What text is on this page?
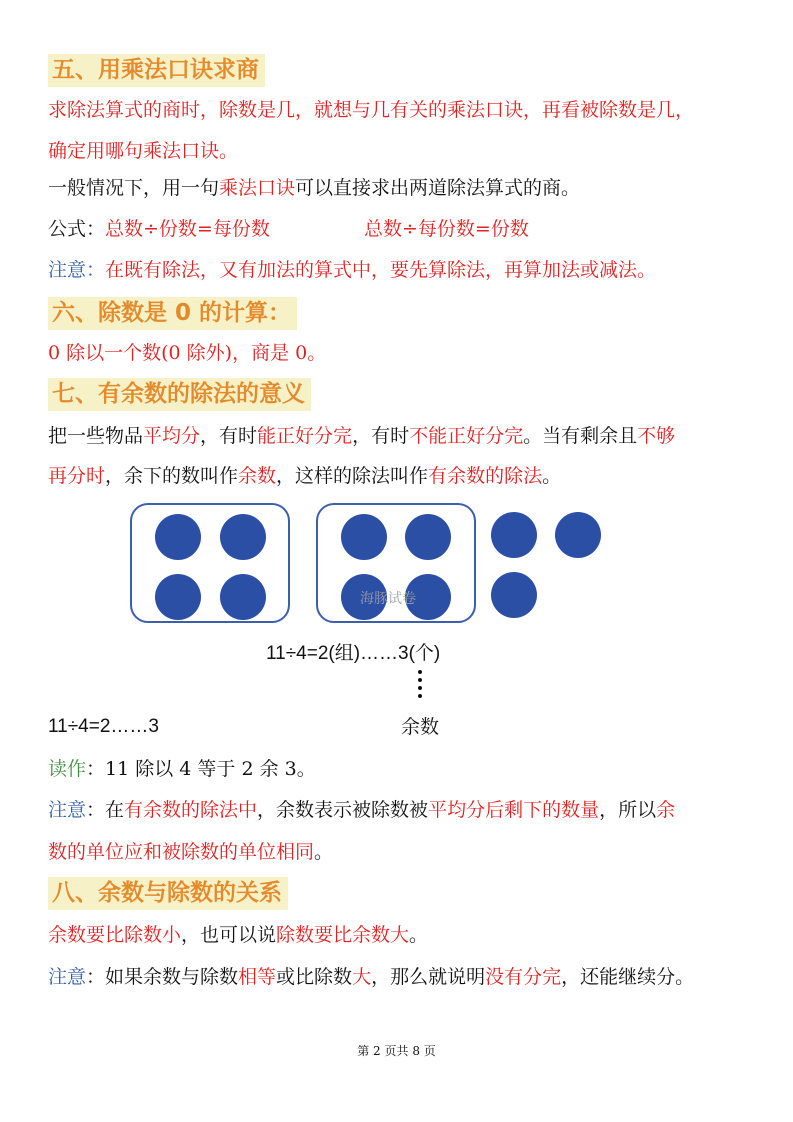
五、用乘法口诀求商
求除法算式的商时，除数是几，就想与几有关的乘法口诀，再看被除数是几，
确定用哪句乘法口诀。
一般情况下，用一句乘法口诀可以直接求出两道除法算式的商。
公式：总数÷份数=每份数	总数÷每份数=份数
注意：在既有除法，又有加法的算式中，要先算除法，再算加法或减法。
六、除数是 0 的计算：
0 除以一个数(0 除外)，商是 0。
七、有余数的除法的意义
把一些物品平均分，有时能正好分完，有时不能正好分完。当有剩余且不够
再分时，余下的数叫作余数，这样的除法叫作有余数的除法。
海豚试卷
11÷4=2(组)……3(个)
11÷4=2……3	余数
读作：11 除以 4 等于 2 余 3。
注意：在有余数的除法中，余数表示被除数被平均分后剩下的数量，所以余
数的单位应和被除数的单位相同。
八、余数与除数的关系
余数要比除数小，也可以说除数要比余数大。
注意：如果余数与除数相等或比除数大，那么就说明没有分完，还能继续分。
第 2 页共 8 页
